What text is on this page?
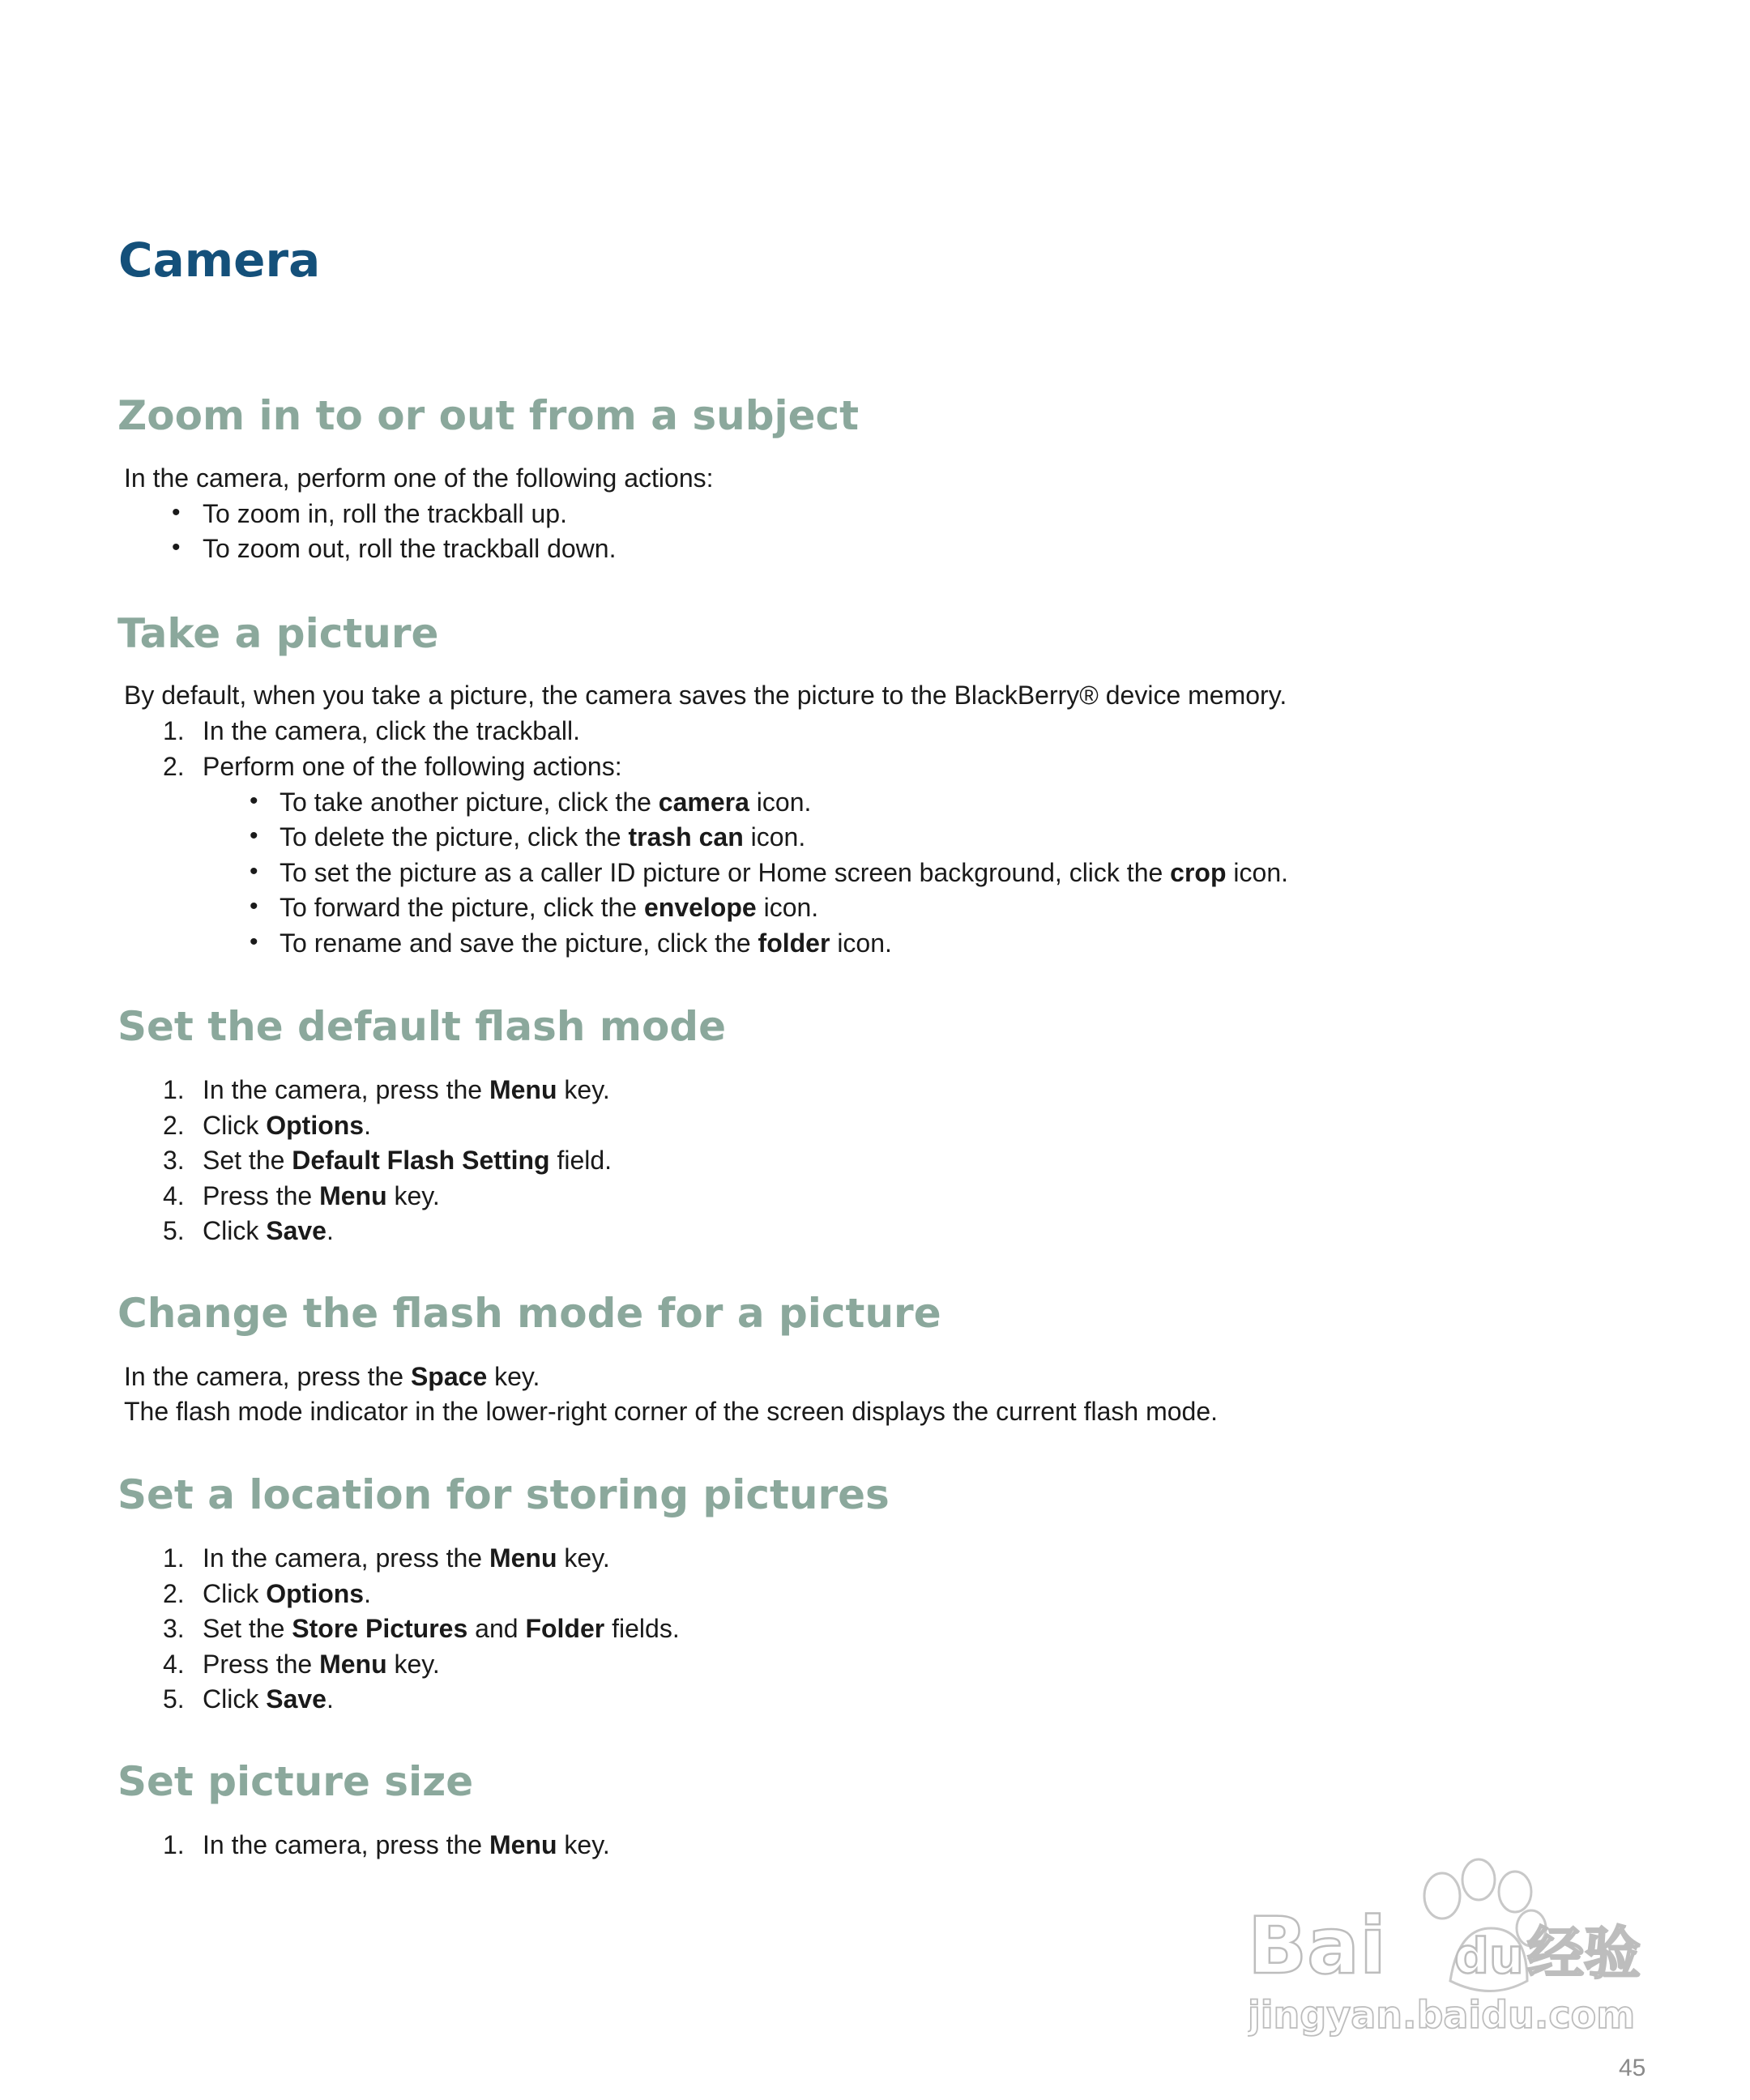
Camera
Zoom in to or out from a subject
In the camera, perform one of the following actions:
• To zoom in, roll the trackball up.
• To zoom out, roll the trackball down.
Take a picture
By default, when you take a picture, the camera saves the picture to the BlackBerry® device memory.
1. In the camera, click the trackball.
2. Perform one of the following actions:
• To take another picture, click the camera icon.
• To delete the picture, click the trash can icon.
• To set the picture as a caller ID picture or Home screen background, click the crop icon.
• To forward the picture, click the envelope icon.
• To rename and save the picture, click the folder icon.
Set the default flash mode
1. In the camera, press the Menu key.
2. Click Options.
3. Set the Default Flash Setting field.
4. Press the Menu key.
5. Click Save.
Change the flash mode for a picture
In the camera, press the Space key.
The flash mode indicator in the lower-right corner of the screen displays the current flash mode.
Set a location for storing pictures
1. In the camera, press the Menu key.
2. Click Options.
3. Set the Store Pictures and Folder fields.
4. Press the Menu key.
5. Click Save.
Set picture size
1. In the camera, press the Menu key.
Bai du 经验
jingyan.baidu.com
45
